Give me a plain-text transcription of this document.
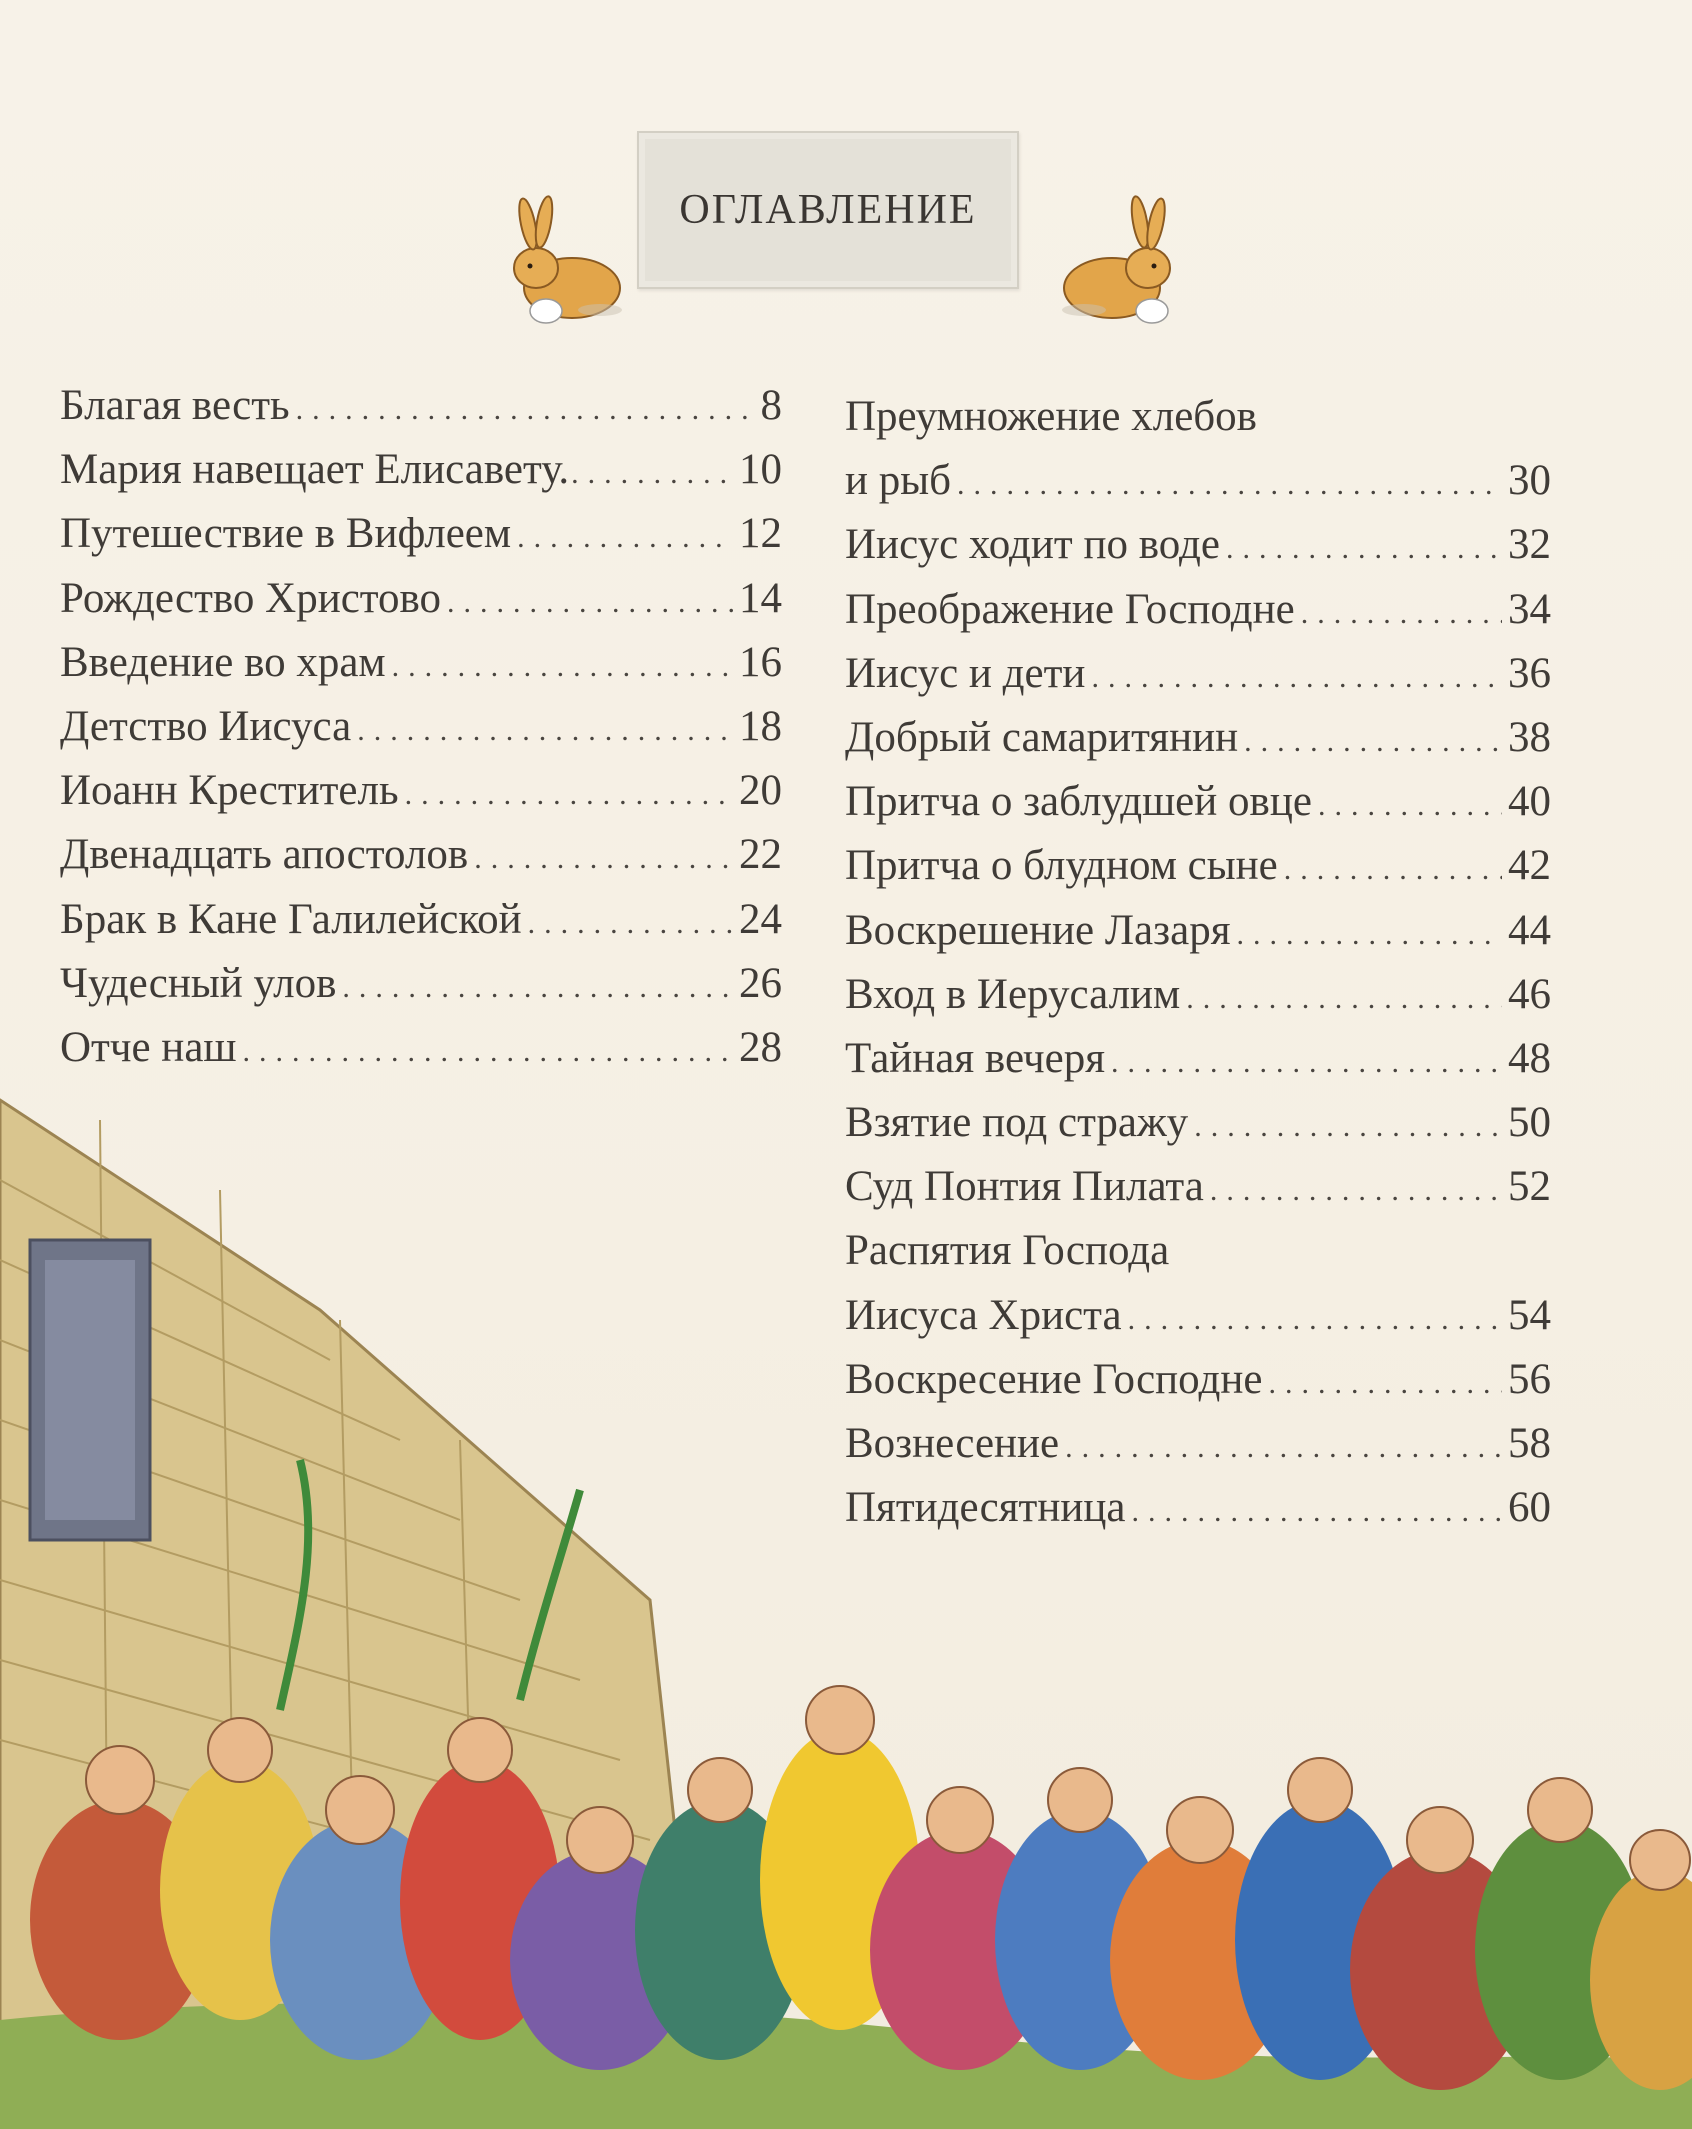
ОГЛАВЛЕНИЕ
Благая весть .....	8
Мария навещает Елисавету. .....	10
Путешествие в Вифлеем .....	12
Рождество Христово .....	14
Введение во храм .....	16
Детство Иисуса .....	18
Иоанн Креститель .....	20
Двенадцать апостолов .....	22
Брак в Кане Галилейской .....	24
Чудесный улов .....	26
Отче наш .....	28
Преумножение хлебов
и рыб .....	30
Иисус ходит по воде .....	32
Преображение Господне .....	34
Иисус и дети .....	36
Добрый самаритянин .....	38
Притча о заблудшей овце .....	40
Притча о блудном сыне .....	42
Воскрешение Лазаря .....	44
Вход в Иерусалим .....	46
Тайная вечеря .....	48
Взятие под стражу .....	50
Суд Понтия Пилата .....	52
Распятия Господа
Иисуса Христа .....	54
Воскресение Господне .....	56
Вознесение .....	58
Пятидесятница .....	60
